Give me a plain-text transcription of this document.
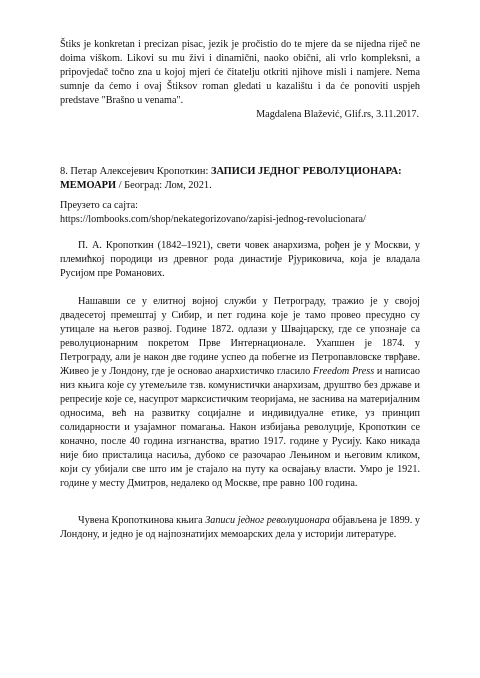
Štiks je konkretan i precizan pisac, jezik je pročistio do te mjere da se nijedna riječ ne doima viškom. Likovi su mu živi i dinamični, naoko obični, ali vrlo kompleksni, a pripovjedač točno zna u kojoj mjeri će čitatelju otkriti njihove misli i namjere. Nema sumnje da ćemo i ovaj Štiksov roman gledati u kazalištu i da će ponoviti uspjeh predstave "Brašno u venama".
Magdalena Blažević, Glif.rs, 3.11.2017.
8. Петар Алексејевич Кропоткин: ЗАПИСИ ЈЕДНОГ РЕВОЛУЦИОНАРА: МЕМОАРИ / Београд: Лом, 2021.
Преузето са сајта:
https://lombooks.com/shop/nekategorizovano/zapisi-jednog-revolucionara/
П. А. Кропоткин (1842–1921), свети човек анархизма, рођен је у Москви, у племићкој породици из древног рода династије Рјуриковича, која је владала Русијом пре Романових.
Нашавши се у елитној војној служби у Петрограду, тражио је у својој двадесетој премештај у Сибир, и пет година које је тамо провео пресудно су утицале на његов развој. Године 1872. одлази у Швајцарску, где се упознаје са револуционарним покретом Прве Интернационале. Ухапшен је 1874. у Петрограду, али је након две године успео да побегне из Петропавловске тврђаве. Живео је у Лондону, где је основао анархистичко гласило Freedom Press и написао низ књига које су утемељиле тзв. комунистички анархизам, друштво без државе и репресије које се, насупрот марксистичким теоријама, не заснива на материјалним односима, већ на развитку социјалне и индивидуалне етике, уз принцип солидарности и узајамног помагања. Након избијања револуције, Кропоткин се коначно, после 40 година изгнанства, вратио 1917. године у Русију. Како никада није био присталица насиља, дубоко се разочарао Лењином и његовим кликом, који су убијали све што им је стајало на путу ка освајању власти. Умро је 1921. године у месту Дмитров, недалеко од Москве, пре равно 100 година.
Чувена Кропоткинова књига Записи једног револуционара објављена је 1899. у Лондону, и једно је од најпознатијих мемоарских дела у историји литературе.
